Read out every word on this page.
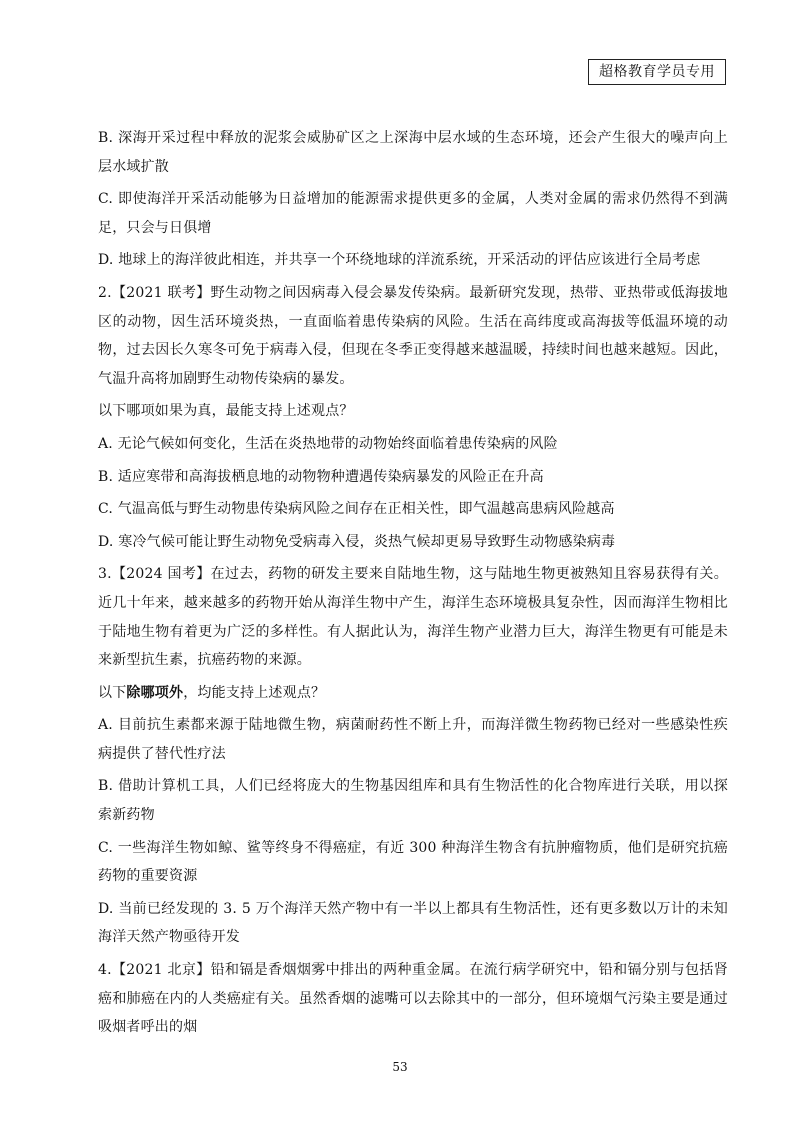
超格教育学员专用

B. 深海开采过程中释放的泥浆会威胁矿区之上深海中层水域的生态环境，还会产生很大的噪声向上层水域扩散

C. 即使海洋开采活动能够为日益增加的能源需求提供更多的金属，人类对金属的需求仍然得不到满足，只会与日俱增

D. 地球上的海洋彼此相连，并共享一个环绕地球的洋流系统，开采活动的评估应该进行全局考虑

2.【2021 联考】野生动物之间因病毒入侵会暴发传染病。最新研究发现，热带、亚热带或低海拔地区的动物，因生活环境炎热，一直面临着患传染病的风险。生活在高纬度或高海拔等低温环境的动物，过去因长久寒冬可免于病毒入侵，但现在冬季正变得越来越温暖，持续时间也越来越短。因此，气温升高将加剧野生动物传染病的暴发。

以下哪项如果为真，最能支持上述观点？

A. 无论气候如何变化，生活在炎热地带的动物始终面临着患传染病的风险

B. 适应寒带和高海拔栖息地的动物物种遭遇传染病暴发的风险正在升高

C. 气温高低与野生动物患传染病风险之间存在正相关性，即气温越高患病风险越高

D. 寒冷气候可能让野生动物免受病毒入侵，炎热气候却更易导致野生动物感染病毒

3.【2024 国考】在过去，药物的研发主要来自陆地生物，这与陆地生物更被熟知且容易获得有关。近几十年来，越来越多的药物开始从海洋生物中产生，海洋生态环境极具复杂性，因而海洋生物相比于陆地生物有着更为广泛的多样性。有人据此认为，海洋生物产业潜力巨大，海洋生物更有可能是未来新型抗生素，抗癌药物的来源。

以下除哪项外，均能支持上述观点？

A. 目前抗生素都来源于陆地微生物，病菌耐药性不断上升，而海洋微生物药物已经对一些感染性疾病提供了替代性疗法

B. 借助计算机工具，人们已经将庞大的生物基因组库和具有生物活性的化合物库进行关联，用以探索新药物

C. 一些海洋生物如鲸、鲨等终身不得癌症，有近 300 种海洋生物含有抗肿瘤物质，他们是研究抗癌药物的重要资源

D. 当前已经发现的 3. 5 万个海洋天然产物中有一半以上都具有生物活性，还有更多数以万计的未知海洋天然产物亟待开发

4.【2021 北京】铅和镉是香烟烟雾中排出的两种重金属。在流行病学研究中，铅和镉分别与包括肾癌和肺癌在内的人类癌症有关。虽然香烟的滤嘴可以去除其中的一部分，但环境烟气污染主要是通过吸烟者呼出的烟

53
